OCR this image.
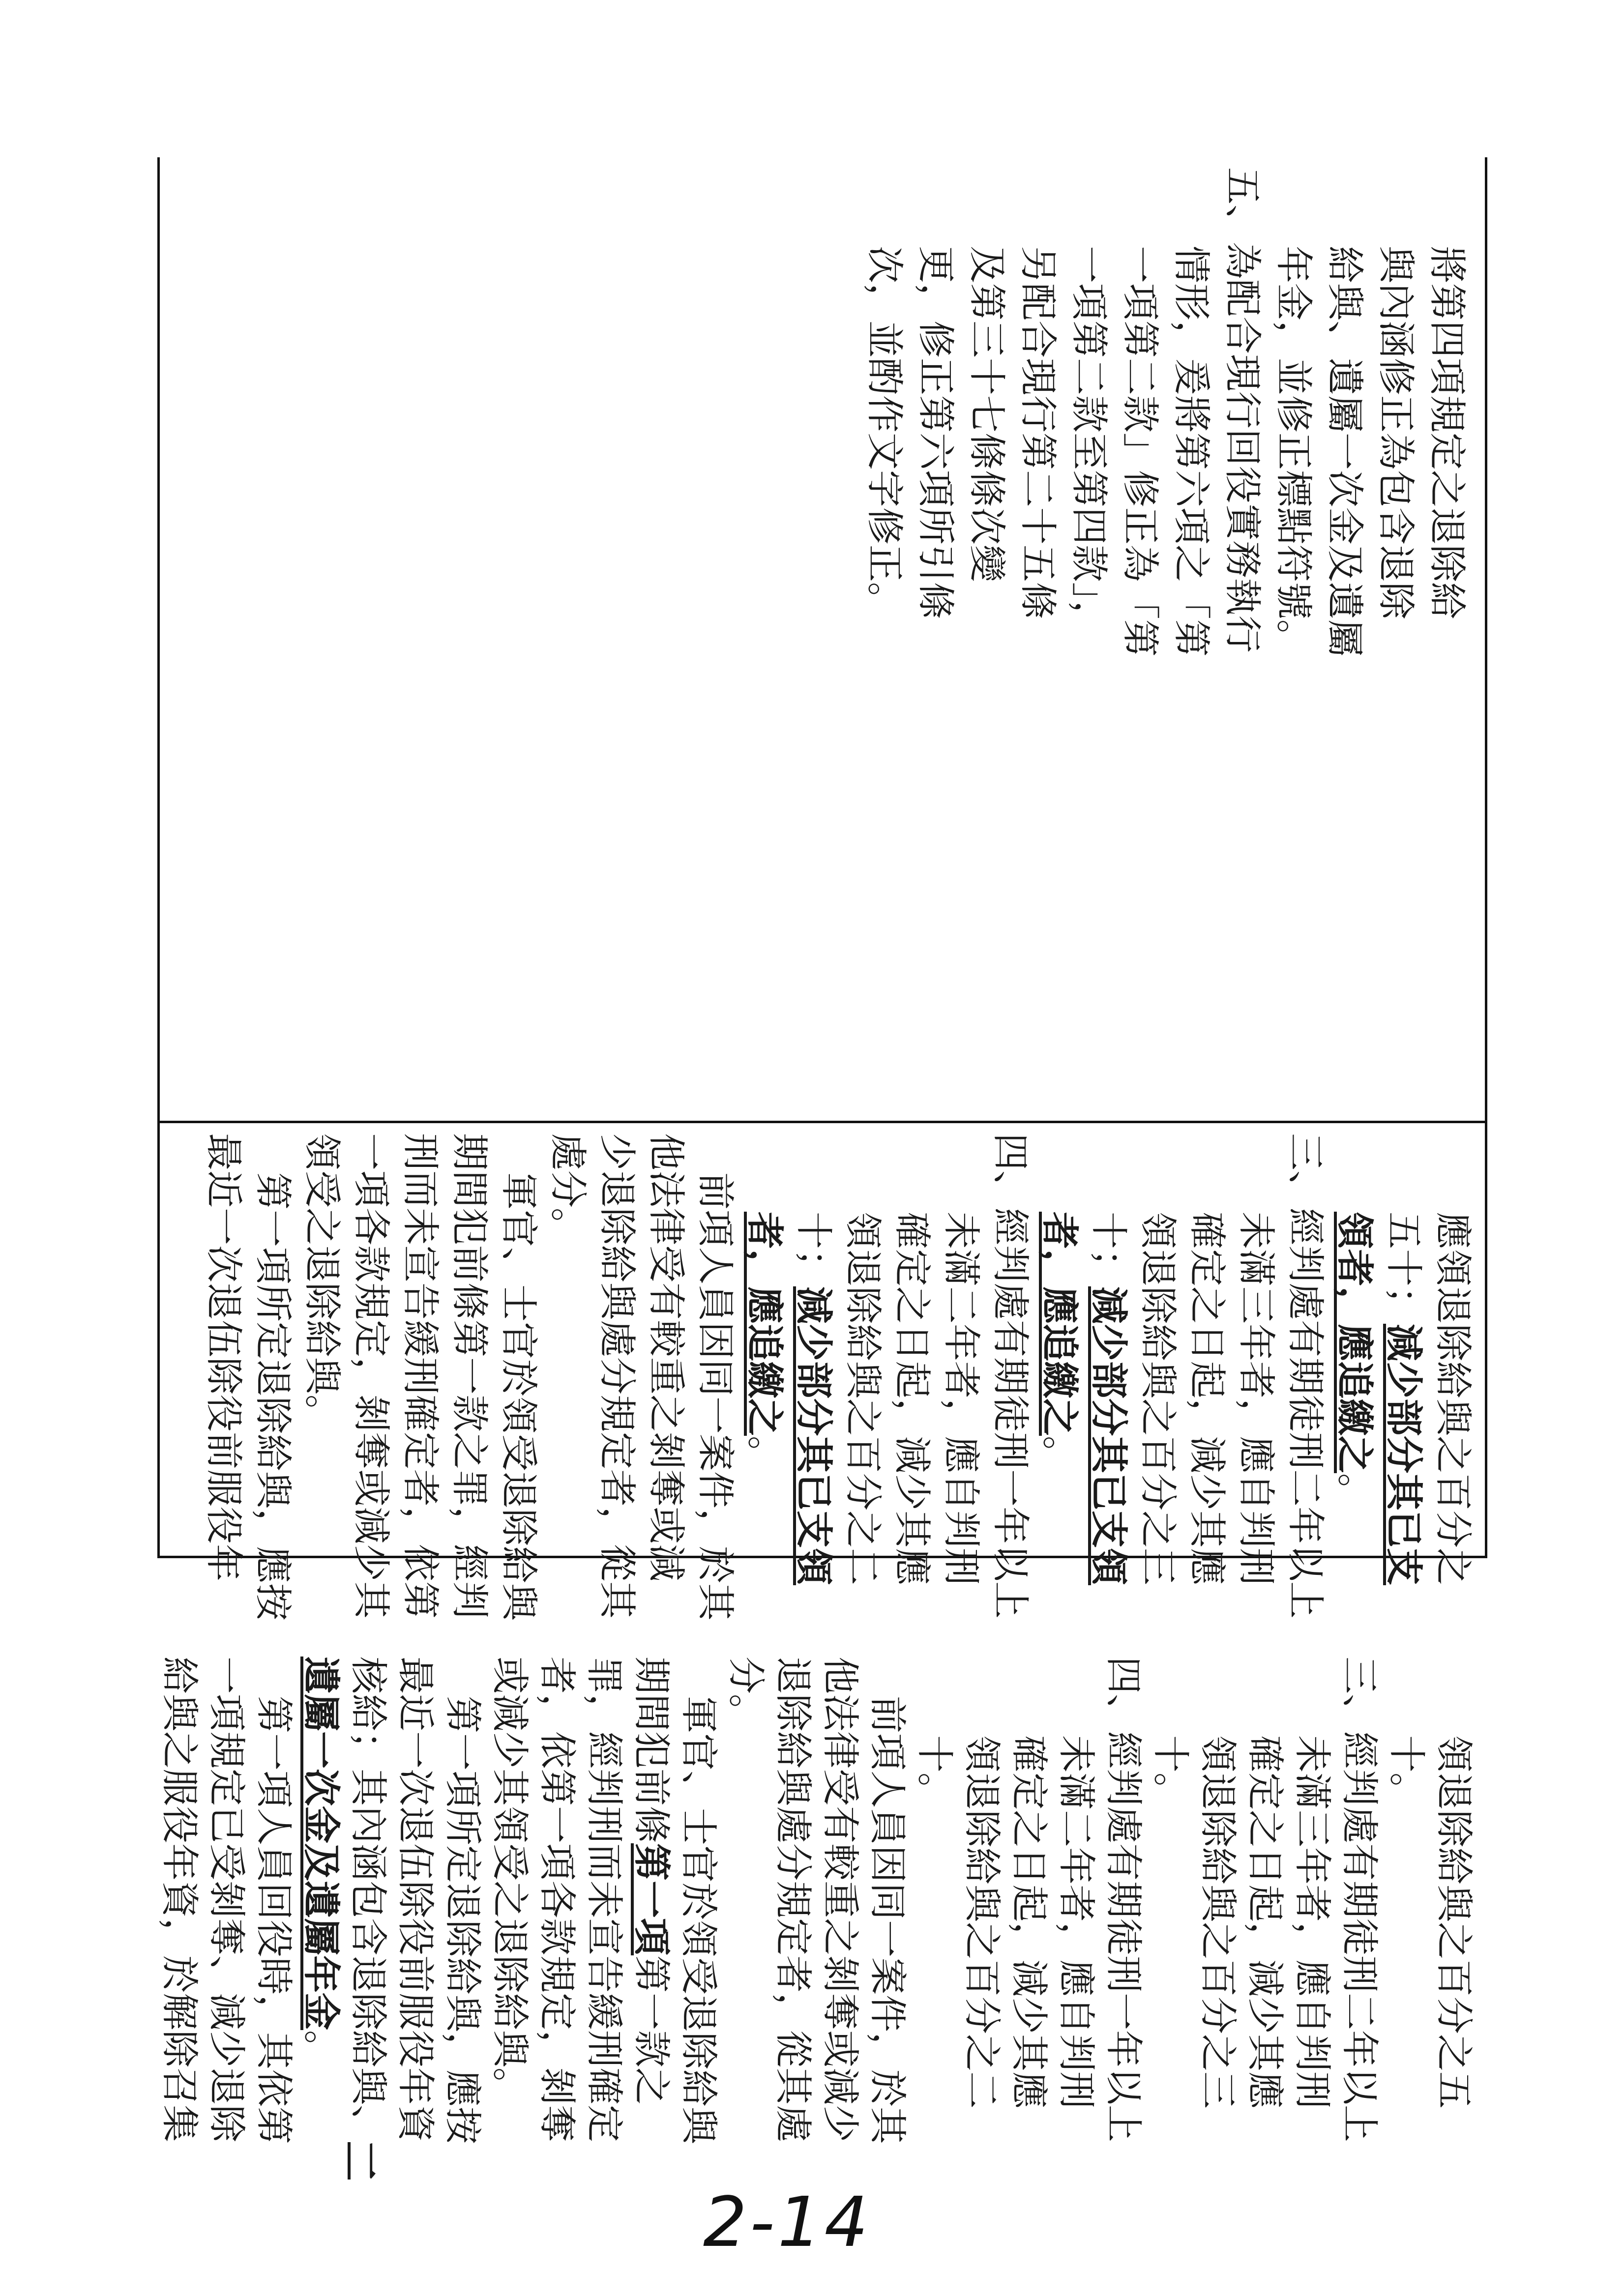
將第四項規定之退除給

與內涵修正為包含退除

給與、遺屬一次金及遺屬

年金，並修正標點符號。

五、為配合現行回役實務執行

情形，爰將第六項之「第

一項第二款」修正為「第

一項第二款至第四款」，

另配合現行第二十五條

及第三十七條條次變

更，修正第六項所引條

次，並酌作文字修正。

應領退除給與之百分之

五十；減少部分其已支

領者，應追繳之。

三、經判處有期徒刑二年以上

未滿三年者，應自判刑

確定之日起，減少其應

領退除給與之百分之三

十；減少部分其已支領

者，應追繳之。

四、經判處有期徒刑一年以上

未滿二年者，應自判刑

確定之日起，減少其應

領退除給與之百分之二

十；減少部分其已支領

者，應追繳之。

前項人員因同一案件，於其

他法律受有較重之剝奪或減

少退除給與處分規定者，從其

處分。

軍官、士官於領受退除給與

期間犯前條第一款之罪，經判

刑而未宣告緩刑確定者，依第

一項各款規定，剝奪或減少其

領受之退除給與。

第一項所定退除給與，應按

最近一次退伍除役前服役年

領退除給與之百分之五

十。

三、經判處有期徒刑二年以上

未滿三年者，應自判刑

確定之日起，減少其應

領退除給與之百分之三

十。

四、經判處有期徒刑一年以上

未滿二年者，應自判刑

確定之日起，減少其應

領退除給與之百分之二

十。

前項人員因同一案件，於其

他法律受有較重之剝奪或減少

退除給與處分規定者，從其處

分。

軍官、士官於領受退除給與

期間犯前條第一項第一款之

罪，經判刑而未宣告緩刑確定

者，依第一項各款規定，剝奪

或減少其領受之退除給與。

第一項所定退除給與，應按

最近一次退伍除役前服役年資

核給；其內涵包含退除給與、一

遺屬一次金及遺屬年金。

第一項人員回役時，其依第

一項規定已受剝奪、減少退除

給與之服役年資，於解除召集

2-14
